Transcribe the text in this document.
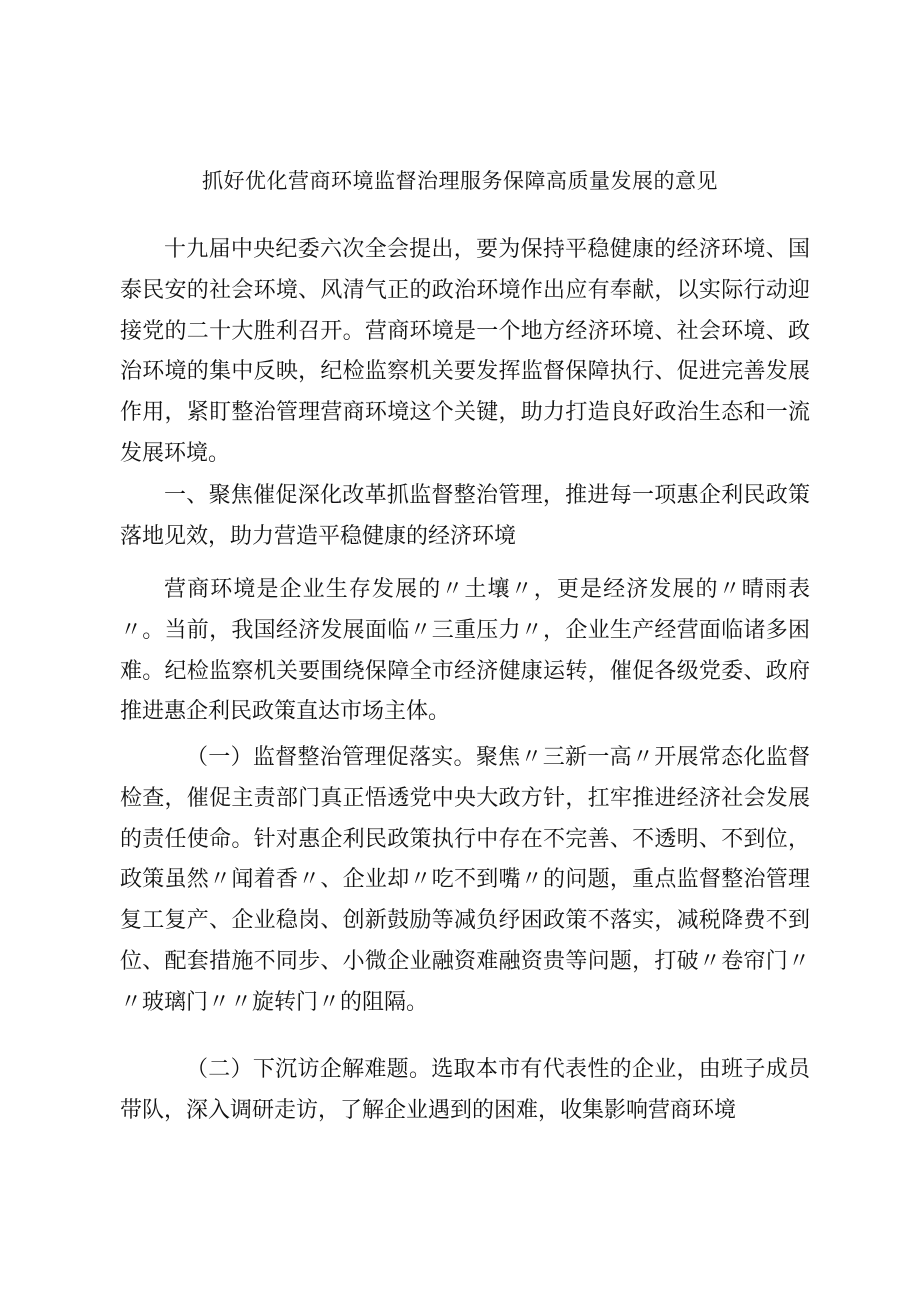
抓好优化营商环境监督治理服务保障高质量发展的意见

十九届中央纪委六次全会提出，要为保持平稳健康的经济环境、国泰民安的社会环境、风清气正的政治环境作出应有奉献，以实际行动迎接党的二十大胜利召开。营商环境是一个地方经济环境、社会环境、政治环境的集中反映，纪检监察机关要发挥监督保障执行、促进完善发展作用，紧盯整治管理营商环境这个关键，助力打造良好政治生态和一流发展环境。

一、聚焦催促深化改革抓监督整治管理，推进每一项惠企利民政策落地见效，助力营造平稳健康的经济环境

营商环境是企业生存发展的〃土壤〃，更是经济发展的〃晴雨表〃。当前，我国经济发展面临〃三重压力〃，企业生产经营面临诸多困难。纪检监察机关要围绕保障全市经济健康运转，催促各级党委、政府推进惠企利民政策直达市场主体。

（一）监督整治管理促落实。聚焦〃三新一高〃开展常态化监督检查，催促主责部门真正悟透党中央大政方针，扛牢推进经济社会发展的责任使命。针对惠企利民政策执行中存在不完善、不透明、不到位，政策虽然〃闻着香〃、企业却〃吃不到嘴〃的问题，重点监督整治管理复工复产、企业稳岗、创新鼓励等减负纾困政策不落实，减税降费不到位、配套措施不同步、小微企业融资难融资贵等问题，打破〃卷帘门〃〃玻璃门〃〃旋转门〃的阻隔。

（二）下沉访企解难题。选取本市有代表性的企业，由班子成员带队，深入调研走访，了解企业遇到的困难，收集影响营商环境
